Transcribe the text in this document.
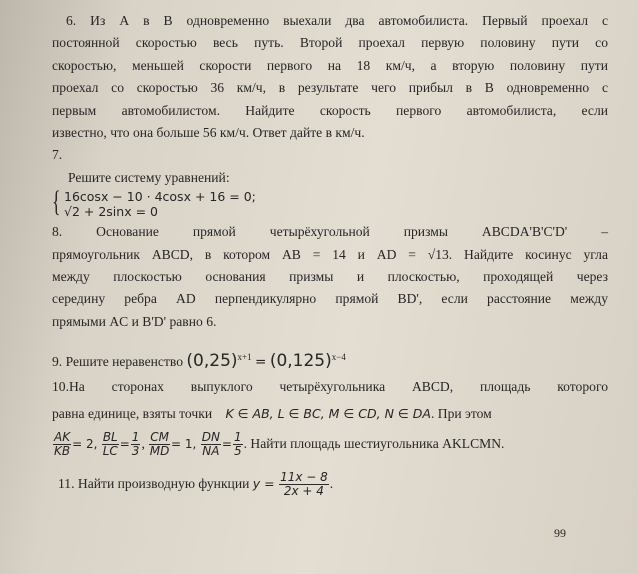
6. Из А в В одновременно выехали два автомобилиста. Первый проехал с

постоянной скоростью весь путь. Второй проехал первую половину пути со

скоростью, меньшей скорости первого на 18 км/ч, а вторую половину пути

проехал со скоростью 36 км/ч, в результате чего прибыл в В одновременно с

первым автомобилистом. Найдите скорость первого автомобилиста, если

известно, что она больше 56 км/ч. Ответ дайте в км/ч.

7.

Решите систему уравнений:

{ 16cosx − 10 · 4cosx + 16 = 0;
√2 + 2sinx = 0

8. Основание прямой четырёхугольной призмы ABCDA'B'C'D' –

прямоугольник ABCD, в котором AB = 14 и AD = √13. Найдите косинус угла

между плоскостью основания призмы и плоскостью, проходящей через

середину ребра AD перпендикулярно прямой BD', если расстояние между

прямыми AC и B'D' равно 6.

9. Решите неравенство $(0,25)^{x+1} = (0,125)^{x-4}$

10.На сторонах выпуклого четырёхугольника ABCD, площадь которого

равна единице, взяты точки K ∈ AB, L ∈ BC, M ∈ CD, N ∈ DA. При этом

$\frac{AK}{KB} = 2$, $\frac{BL}{LC} = \frac{1}{3}$ , $\frac{CM}{MD} = 1$, $\frac{DN}{NA} = \frac{1}{5}$ . Найти площадь шестиугольника AKLCMN.

11. Найти производную функции $y = \frac{11x - 8}{2x + 4}$ .
99
